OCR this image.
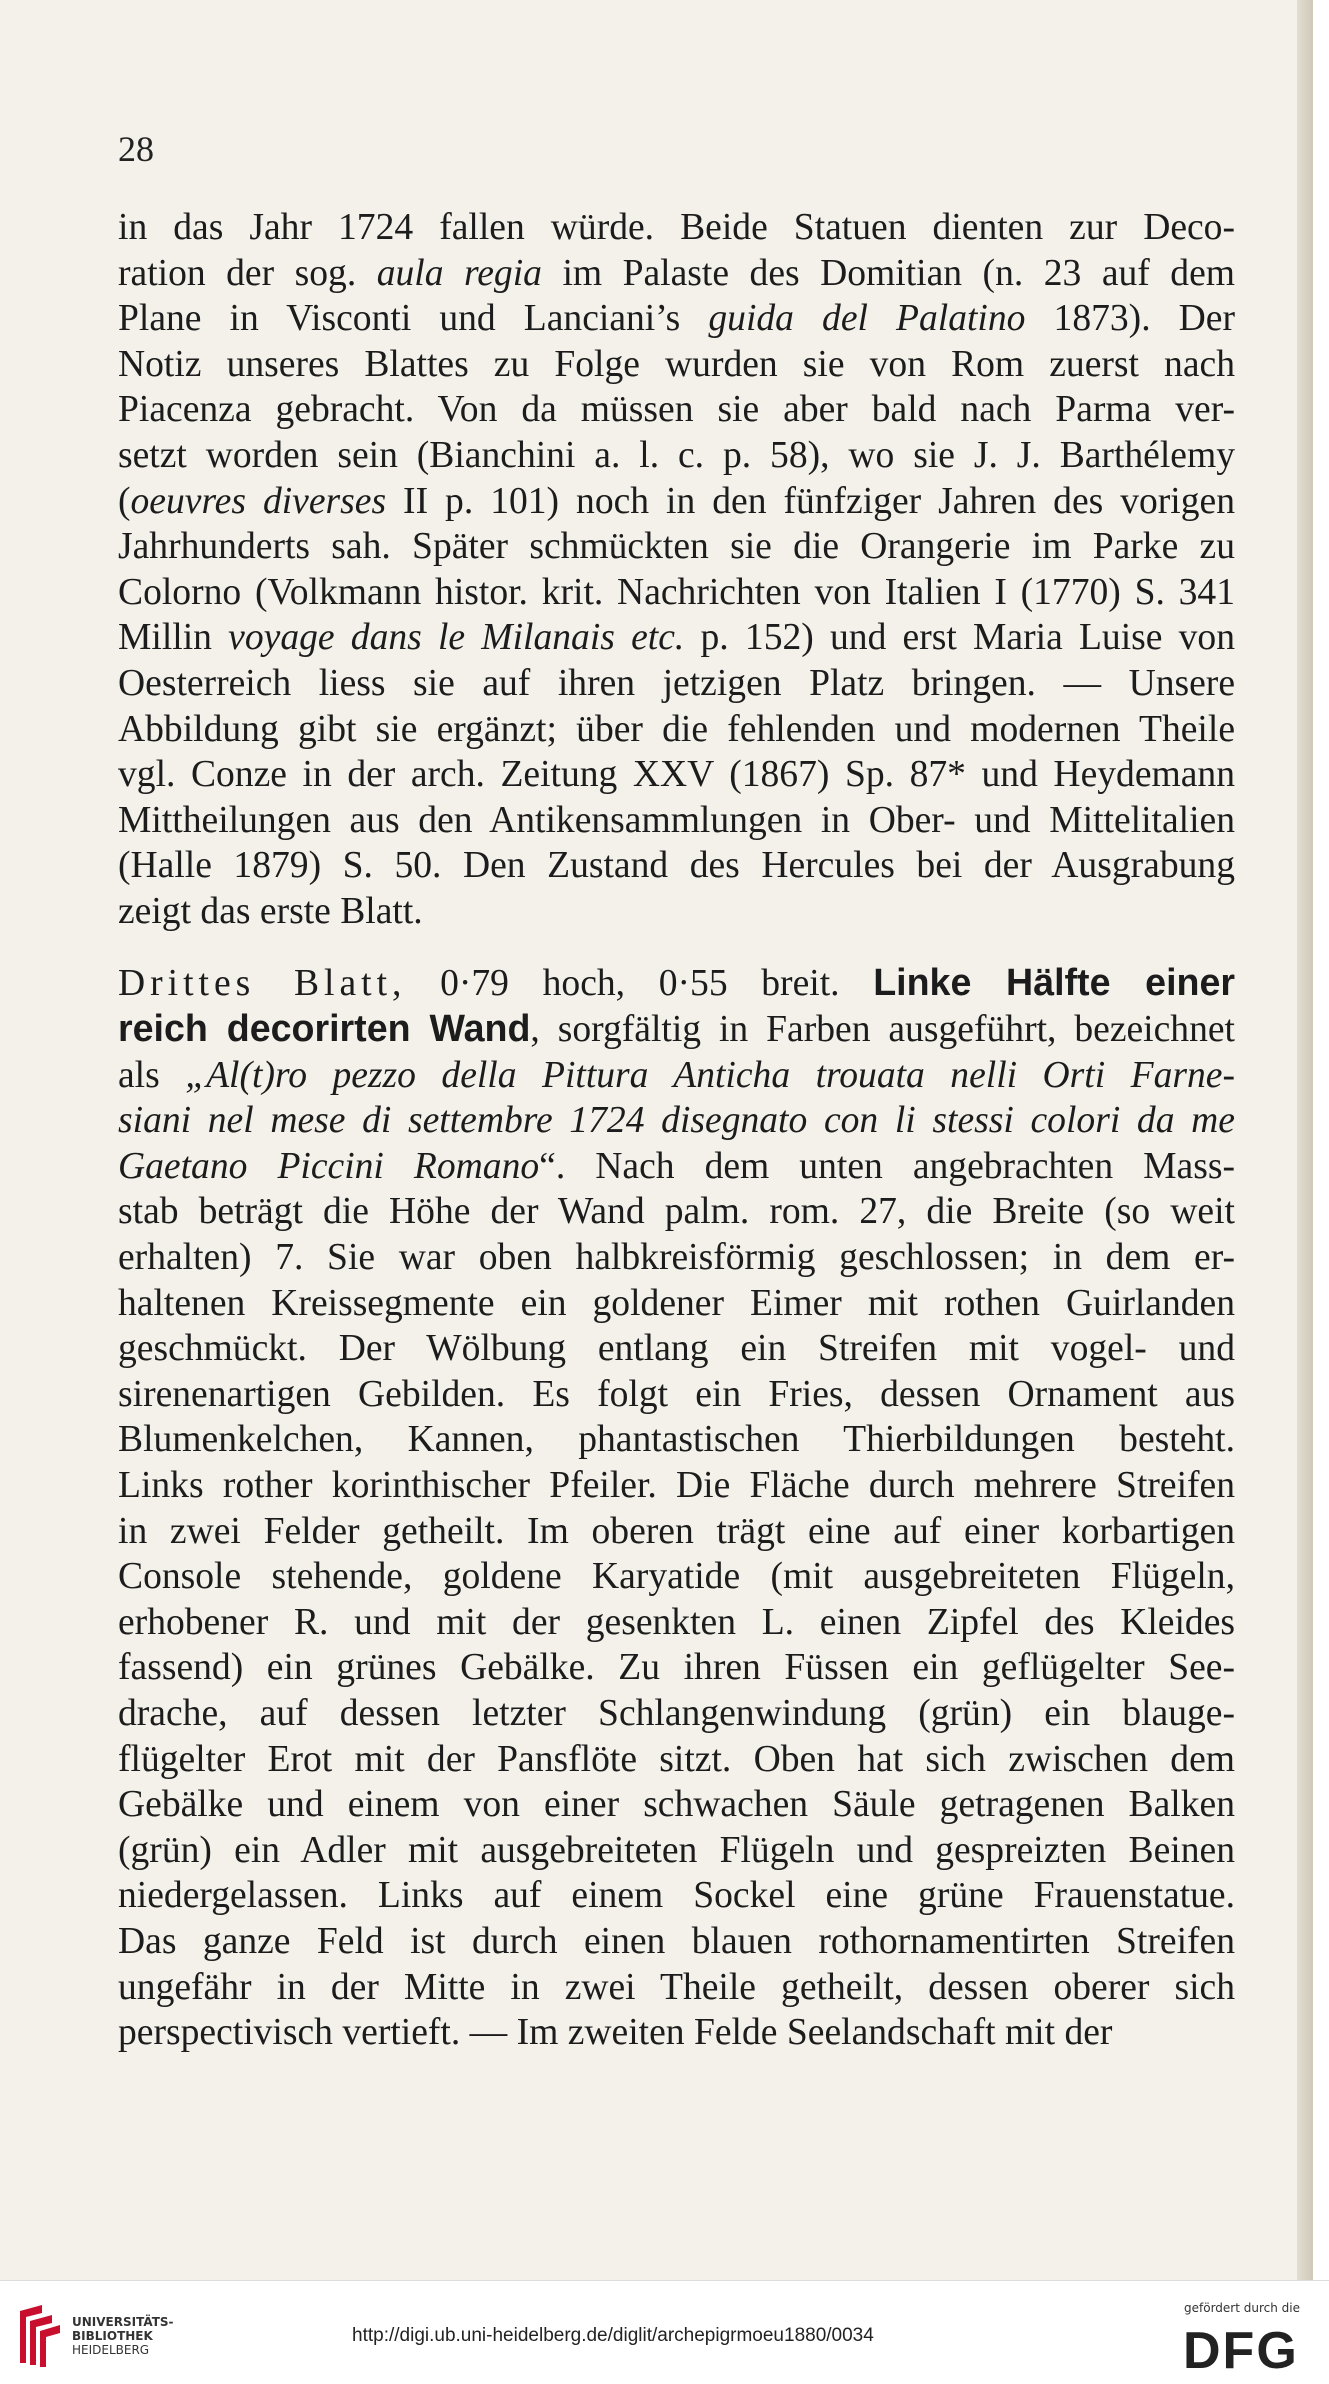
28

in das Jahr 1724 fallen würde. Beide Statuen dienten zur Deco-
ration der sog. aula regia im Palaste des Domitian (n. 23 auf dem
Plane in Visconti und Lanciani’s guida del Palatino 1873). Der
Notiz unseres Blattes zu Folge wurden sie von Rom zuerst nach
Piacenza gebracht. Von da müssen sie aber bald nach Parma ver-
setzt worden sein (Bianchini a. l. c. p. 58), wo sie J. J. Barthélemy
(oeuvres diverses II p. 101) noch in den fünfziger Jahren des vorigen
Jahrhunderts sah. Später schmückten sie die Orangerie im Parke zu
Colorno (Volkmann histor. krit. Nachrichten von Italien I (1770) S. 341
Millin voyage dans le Milanais etc. p. 152) und erst Maria Luise von
Oesterreich liess sie auf ihren jetzigen Platz bringen. — Unsere
Abbildung gibt sie ergänzt; über die fehlenden und modernen Theile
vgl. Conze in der arch. Zeitung XXV (1867) Sp. 87* und Heydemann
Mittheilungen aus den Antikensammlungen in Ober- und Mittelitalien
(Halle 1879) S. 50. Den Zustand des Hercules bei der Ausgrabung
zeigt das erste Blatt.

Drittes Blatt, 0·79 hoch, 0·55 breit. Linke Hälfte einer
reich decorirten Wand, sorgfältig in Farben ausgeführt, bezeichnet
als „Al(t)ro pezzo della Pittura Anticha trouata nelli Orti Farne-
siani nel mese di settembre 1724 disegnato con li stessi colori da me
Gaetano Piccini Romano“. Nach dem unten angebrachten Mass-
stab beträgt die Höhe der Wand palm. rom. 27, die Breite (so weit
erhalten) 7. Sie war oben halbkreisförmig geschlossen; in dem er-
haltenen Kreissegmente ein goldener Eimer mit rothen Guirlanden
geschmückt. Der Wölbung entlang ein Streifen mit vogel- und
sirenenartigen Gebilden. Es folgt ein Fries, dessen Ornament aus
Blumenkelchen, Kannen, phantastischen Thierbildungen besteht.
Links rother korinthischer Pfeiler. Die Fläche durch mehrere Streifen
in zwei Felder getheilt. Im oberen trägt eine auf einer korbartigen
Console stehende, goldene Karyatide (mit ausgebreiteten Flügeln,
erhobener R. und mit der gesenkten L. einen Zipfel des Kleides
fassend) ein grünes Gebälke. Zu ihren Füssen ein geflügelter See-
drache, auf dessen letzter Schlangenwindung (grün) ein blauge-
flügelter Erot mit der Pansflöte sitzt. Oben hat sich zwischen dem
Gebälke und einem von einer schwachen Säule getragenen Balken
(grün) ein Adler mit ausgebreiteten Flügeln und gespreizten Beinen
niedergelassen. Links auf einem Sockel eine grüne Frauenstatue.
Das ganze Feld ist durch einen blauen rothornamentirten Streifen
ungefähr in der Mitte in zwei Theile getheilt, dessen oberer sich
perspectivisch vertieft. — Im zweiten Felde Seelandschaft mit der

UNIVERSITÄTS-
BIBLIOTHEK
HEIDELBERG
http://digi.ub.uni-heidelberg.de/diglit/archepigrmoeu1880/0034
gefördert durch die
DFG
